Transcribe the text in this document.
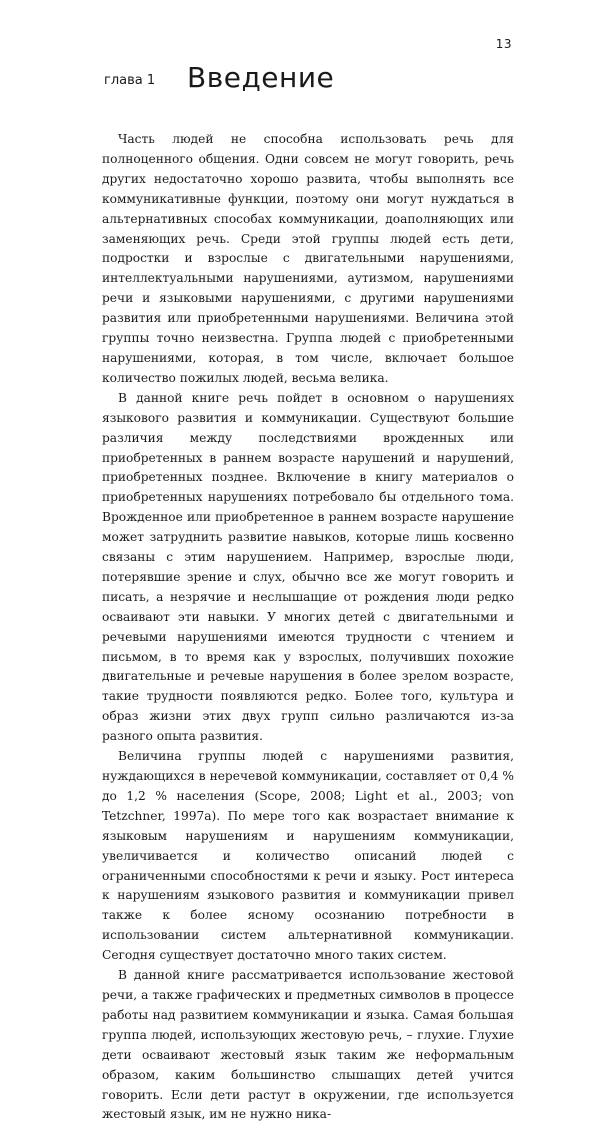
13
глава 1 Введение

Часть людей не способна использовать речь для полноценного общения. Одни совсем не могут говорить, речь других недостаточно хорошо развита, чтобы выполнять все коммуникативные функции, поэтому они могут нуждаться в альтернативных способах коммуникации, доаполняющих или заменяющих речь. Среди этой группы людей есть дети, подростки и взрослые с двигательными нарушениями, интеллектуальными нарушениями, аутизмом, нарушениями речи и языковыми нарушениями, с другими нарушениями развития или приобретенными нарушениями. Величина этой группы точно неизвестна. Группа людей с приобретенными нарушениями, которая, в том числе, включает большое количество пожилых людей, весьма велика.

В данной книге речь пойдет в основном о нарушениях языкового развития и коммуникации. Существуют большие различия между последствиями врожденных или приобретенных в раннем возрасте нарушений и нарушений, приобретенных позднее. Включение в книгу материалов о приобретенных нарушениях потребовало бы отдельного тома. Врожденное или приобретенное в раннем возрасте нарушение может затруднить развитие навыков, которые лишь косвенно связаны с этим нарушением. Например, взрослые люди, потерявшие зрение и слух, обычно все же могут говорить и писать, а незрячие и неслышащие от рождения люди редко осваивают эти навыки. У многих детей с двигательными и речевыми нарушениями имеются трудности с чтением и письмом, в то время как у взрослых, получивших похожие двигательные и речевые нарушения в более зрелом возрасте, такие трудности появляются редко. Более того, культура и образ жизни этих двух групп сильно различаются из-за разного опыта развития.

Величина группы людей с нарушениями развития, нуждающихся в неречевой коммуникации, составляет от 0,4 % до 1,2 % населения (Scope, 2008; Light et al., 2003; von Tetzchner, 1997a). По мере того как возрастает внимание к языковым нарушениям и нарушениям коммуникации, увеличивается и количество описаний людей с ограниченными способностями к речи и языку. Рост интереса к нарушениям языкового развития и коммуникации привел также к более ясному осознанию потребности в использовании систем альтернативной коммуникации. Сегодня существует достаточно много таких систем.

В данной книге рассматривается использование жестовой речи, а также графических и предметных символов в процессе работы над развитием коммуникации и языка. Самая большая группа людей, использующих жестовую речь, – глухие. Глухие дети осваивают жестовый язык таким же неформальным образом, каким большинство слышащих детей учится говорить. Если дети растут в окружении, где используется жестовый язык, им не нужно ника-
